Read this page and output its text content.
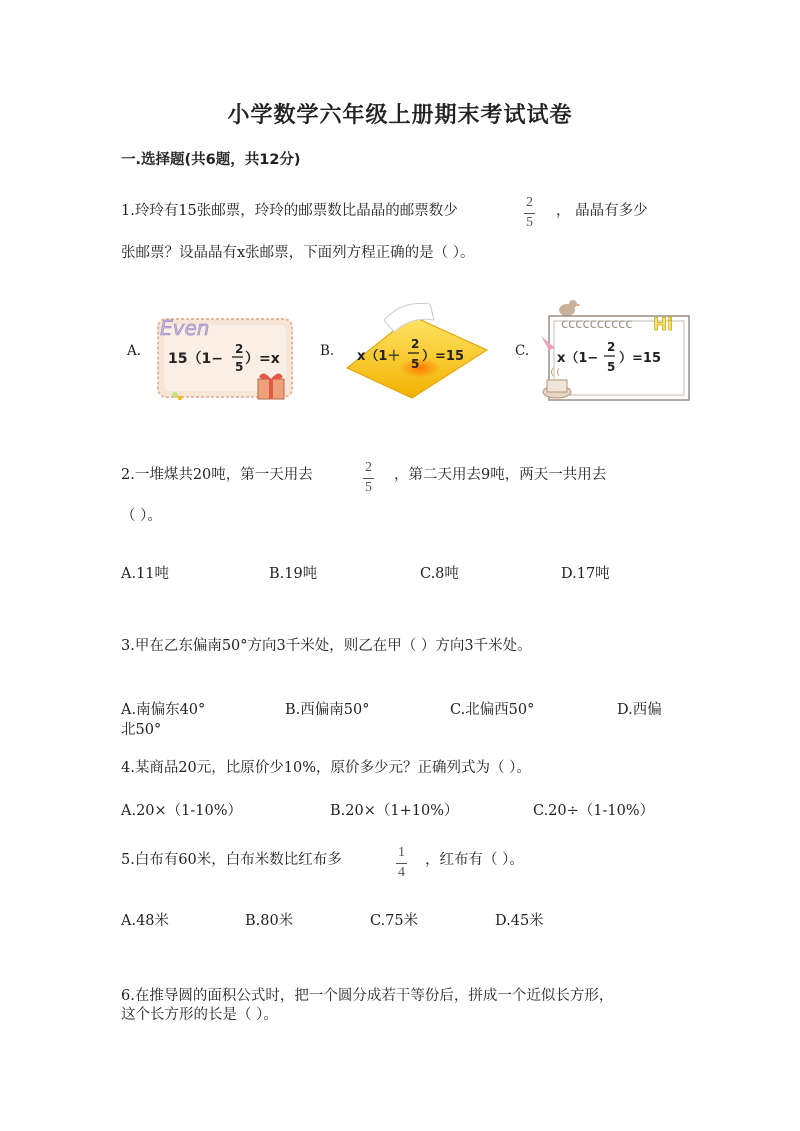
小学数学六年级上册期末考试试卷
一.选择题(共6题，共12分)
1.玲玲有15张邮票，玲玲的邮票数比晶晶的邮票数少
2
5
， 晶晶有多少
张邮票？设晶晶有x张邮票，下面列方程正确的是（ ）。
A.
Even
15（1−
2
5 ）=x	B. x（1＋
2
5 ）=15	C.
cccccccccc Hi
x（1−
2
5
）=15
2.一堆煤共20吨，第一天用去	2
5
，第二天用去9吨，两天一共用去
（ ）。
A.11吨	B.19吨	C.8吨	D.17吨
3.甲在乙东偏南50°方向3千米处，则乙在甲（ ）方向3千米处。
A.南偏东40°	B.西偏南50°	C.北偏西50°	D.西偏
北50°
4.某商品20元，比原价少10%，原价多少元？正确列式为（ ）。
A.20×（1-10%）	B.20×（1+10%）	C.20÷（1-10%）
5.白布有60米，白布米数比红布多	1
4
，红布有（ ）。
A.48米	B.80米	C.75米	D.45米
6.在推导圆的面积公式时，把一个圆分成若干等份后，拼成一个近似长方形，
这个长方形的长是（ ）。
